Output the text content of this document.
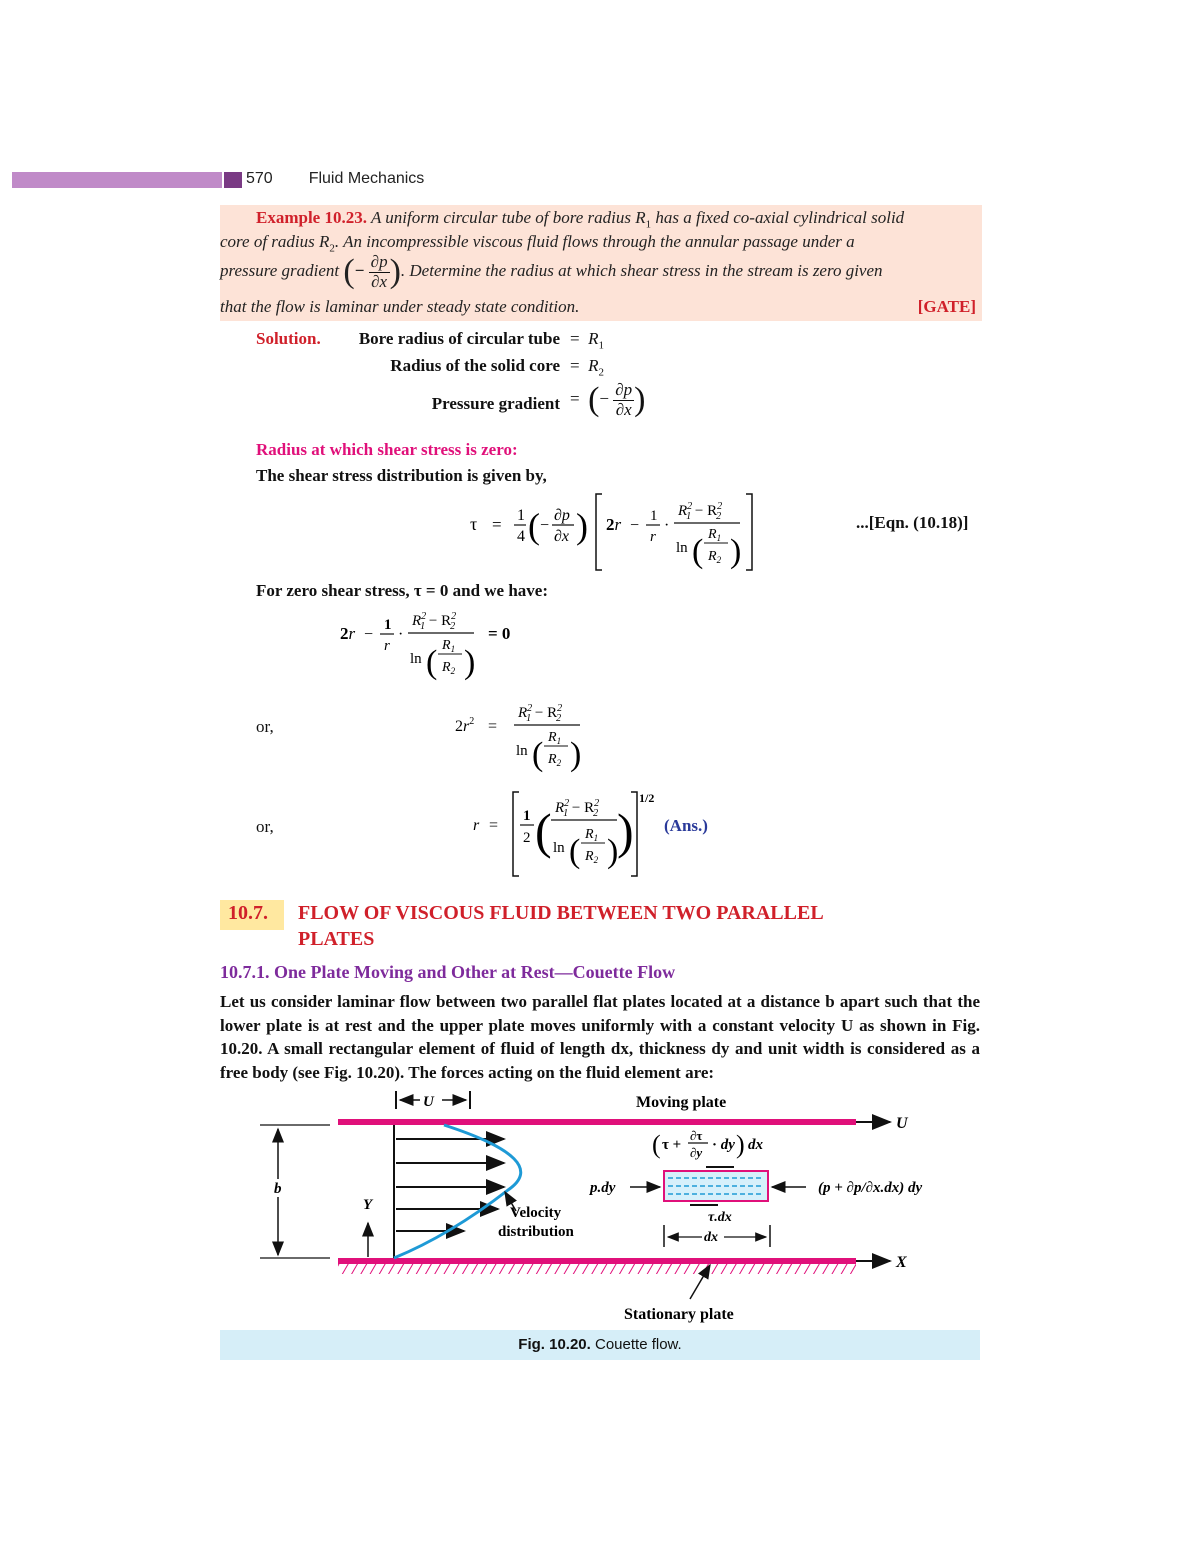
570 Fluid Mechanics
Example 10.23. A uniform circular tube of bore radius $R_1$ has a fixed co-axial cylindrical solid
core of radius $R_2$. An incompressible viscous fluid flows through the annular passage under a
pressure gradient (− $\frac{\partial p}{\partial x}$ ). Determine the radius at which shear stress in the stream is zero given
that the flow is laminar under steady state condition.	[GATE]
Solution. Bore radius of circular tube =  $R_1$
Radius of the solid core =  $R_2$
Pressure gradient =  (− $\frac{\partial p}{\partial x}$ )
Radius at which shear stress is zero:
The shear stress distribution is given by,
τ = 1
4 ( −
∂p
∂x ) 2r −
1
r
·
$R^2$ $1 - R^2$ 2
ln ( $R_1$
$R_2$ )
...[Eqn. (10.18)]
For zero shear stress, τ = 0 and we have:
2r −
1
r
·
$R^2$ $1 - R^2$ 2
ln ( $R_1$
$R_2$ )
= 0
or,	$2r^2$ =
$R^2$ $1 - R^2$ 2
ln ( $R_1$
$R_2$ )
or,	r =
1
2 ( $R^2$ $1 - R^2$ 2
ln ( $R_1$
$R_2$ )
)
1/2
(Ans.)
10.7. FLOW OF VISCOUS FLUID BETWEEN TWO PARALLEL
PLATES
10.7.1. One Plate Moving and Other at Rest—Couette Flow
Let us consider laminar flow between two parallel flat plates located at a distance b apart such that the lower plate is at rest and the upper plate moves uniformly with a constant velocity U as shown in Fig. 10.20. A small rectangular element of fluid of length dx, thickness dy and unit width is considered as a free body (see Fig. 10.20). The forces acting on the fluid element are:
U	Moving plate
U
X
b
Y	Velocity
distribution
p.dy	(p + ∂p/∂x.dx) dy
( τ +
∂τ
∂y · dy ) dx
τ.dx
dx
Stationary plate
Fig. 10.20. Couette flow.
